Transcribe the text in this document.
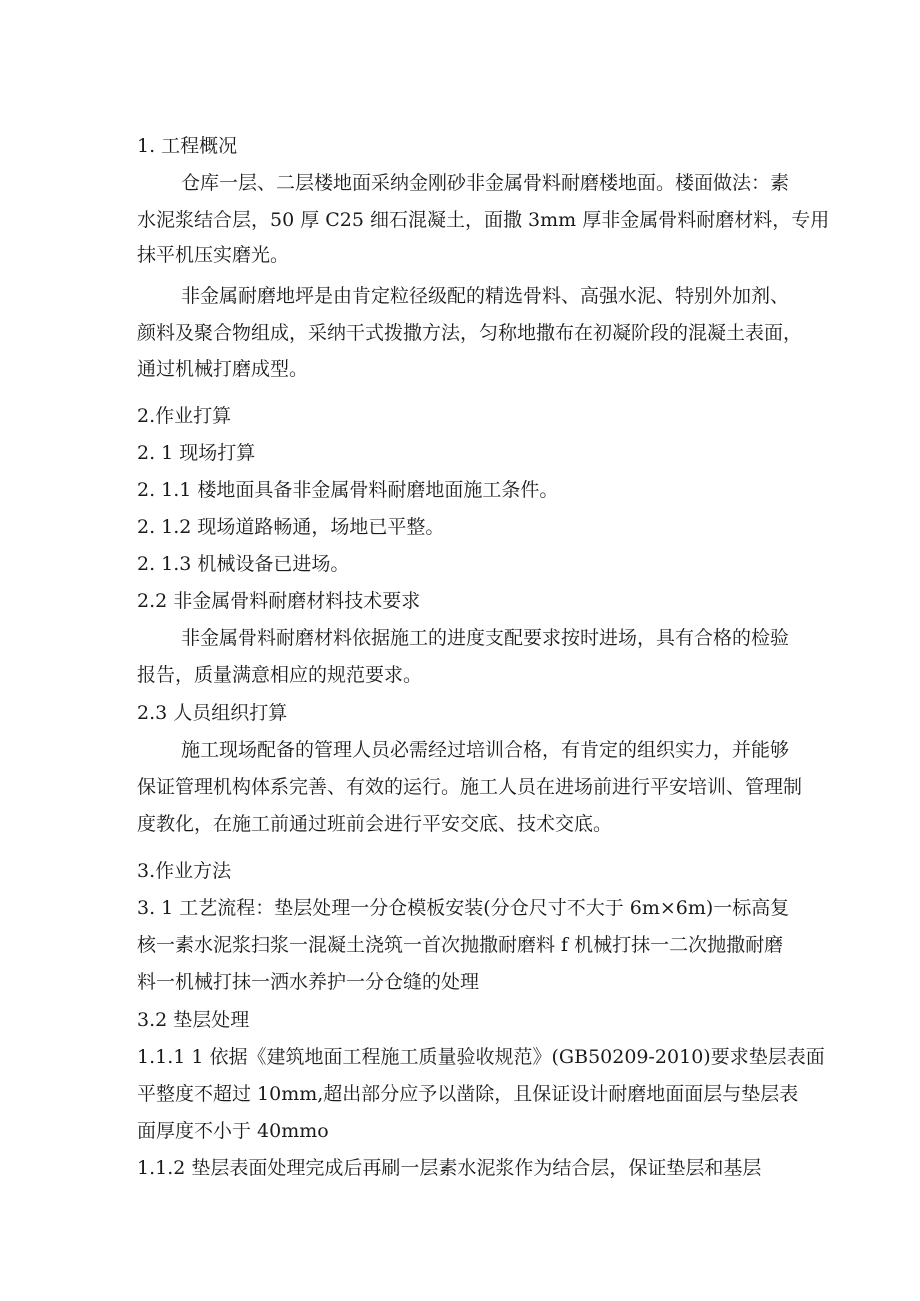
1. 工程概况
仓库一层、二层楼地面采纳金刚砂非金属骨料耐磨楼地面。楼面做法：素
水泥浆结合层，50 厚 C25 细石混凝土，面撒 3mm 厚非金属骨料耐磨材料，专用
抹平机压实磨光。
非金属耐磨地坪是由肯定粒径级配的精选骨料、高强水泥、特别外加剂、
颜料及聚合物组成，采纳干式拨撒方法，匀称地撒布在初凝阶段的混凝土表面，
通过机械打磨成型。
2.作业打算
2. 1 现场打算
2. 1.1 楼地面具备非金属骨料耐磨地面施工条件。
2. 1.2 现场道路畅通，场地已平整。
2. 1.3 机械设备已进场。
2.2 非金属骨料耐磨材料技术要求
非金属骨料耐磨材料依据施工的进度支配要求按时进场，具有合格的检验
报告，质量满意相应的规范要求。
2.3 人员组织打算
施工现场配备的管理人员必需经过培训合格，有肯定的组织实力，并能够
保证管理机构体系完善、有效的运行。施工人员在进场前进行平安培训、管理制
度教化，在施工前通过班前会进行平安交底、技术交底。
3.作业方法
3. 1 工艺流程：垫层处理一分仓模板安装(分仓尺寸不大于 6m×6m)一标高复
核一素水泥浆扫浆一混凝土浇筑一首次抛撒耐磨料 f 机械打抹一二次抛撒耐磨
料一机械打抹一洒水养护一分仓缝的处理
3.2 垫层处理
1.1.1 1 依据《建筑地面工程施工质量验收规范》(GB50209-2010)要求垫层表面
平整度不超过 10mm,超出部分应予以凿除，且保证设计耐磨地面面层与垫层表
面厚度不小于 40mmo
1.1.2 垫层表面处理完成后再刷一层素水泥浆作为结合层，保证垫层和基层
